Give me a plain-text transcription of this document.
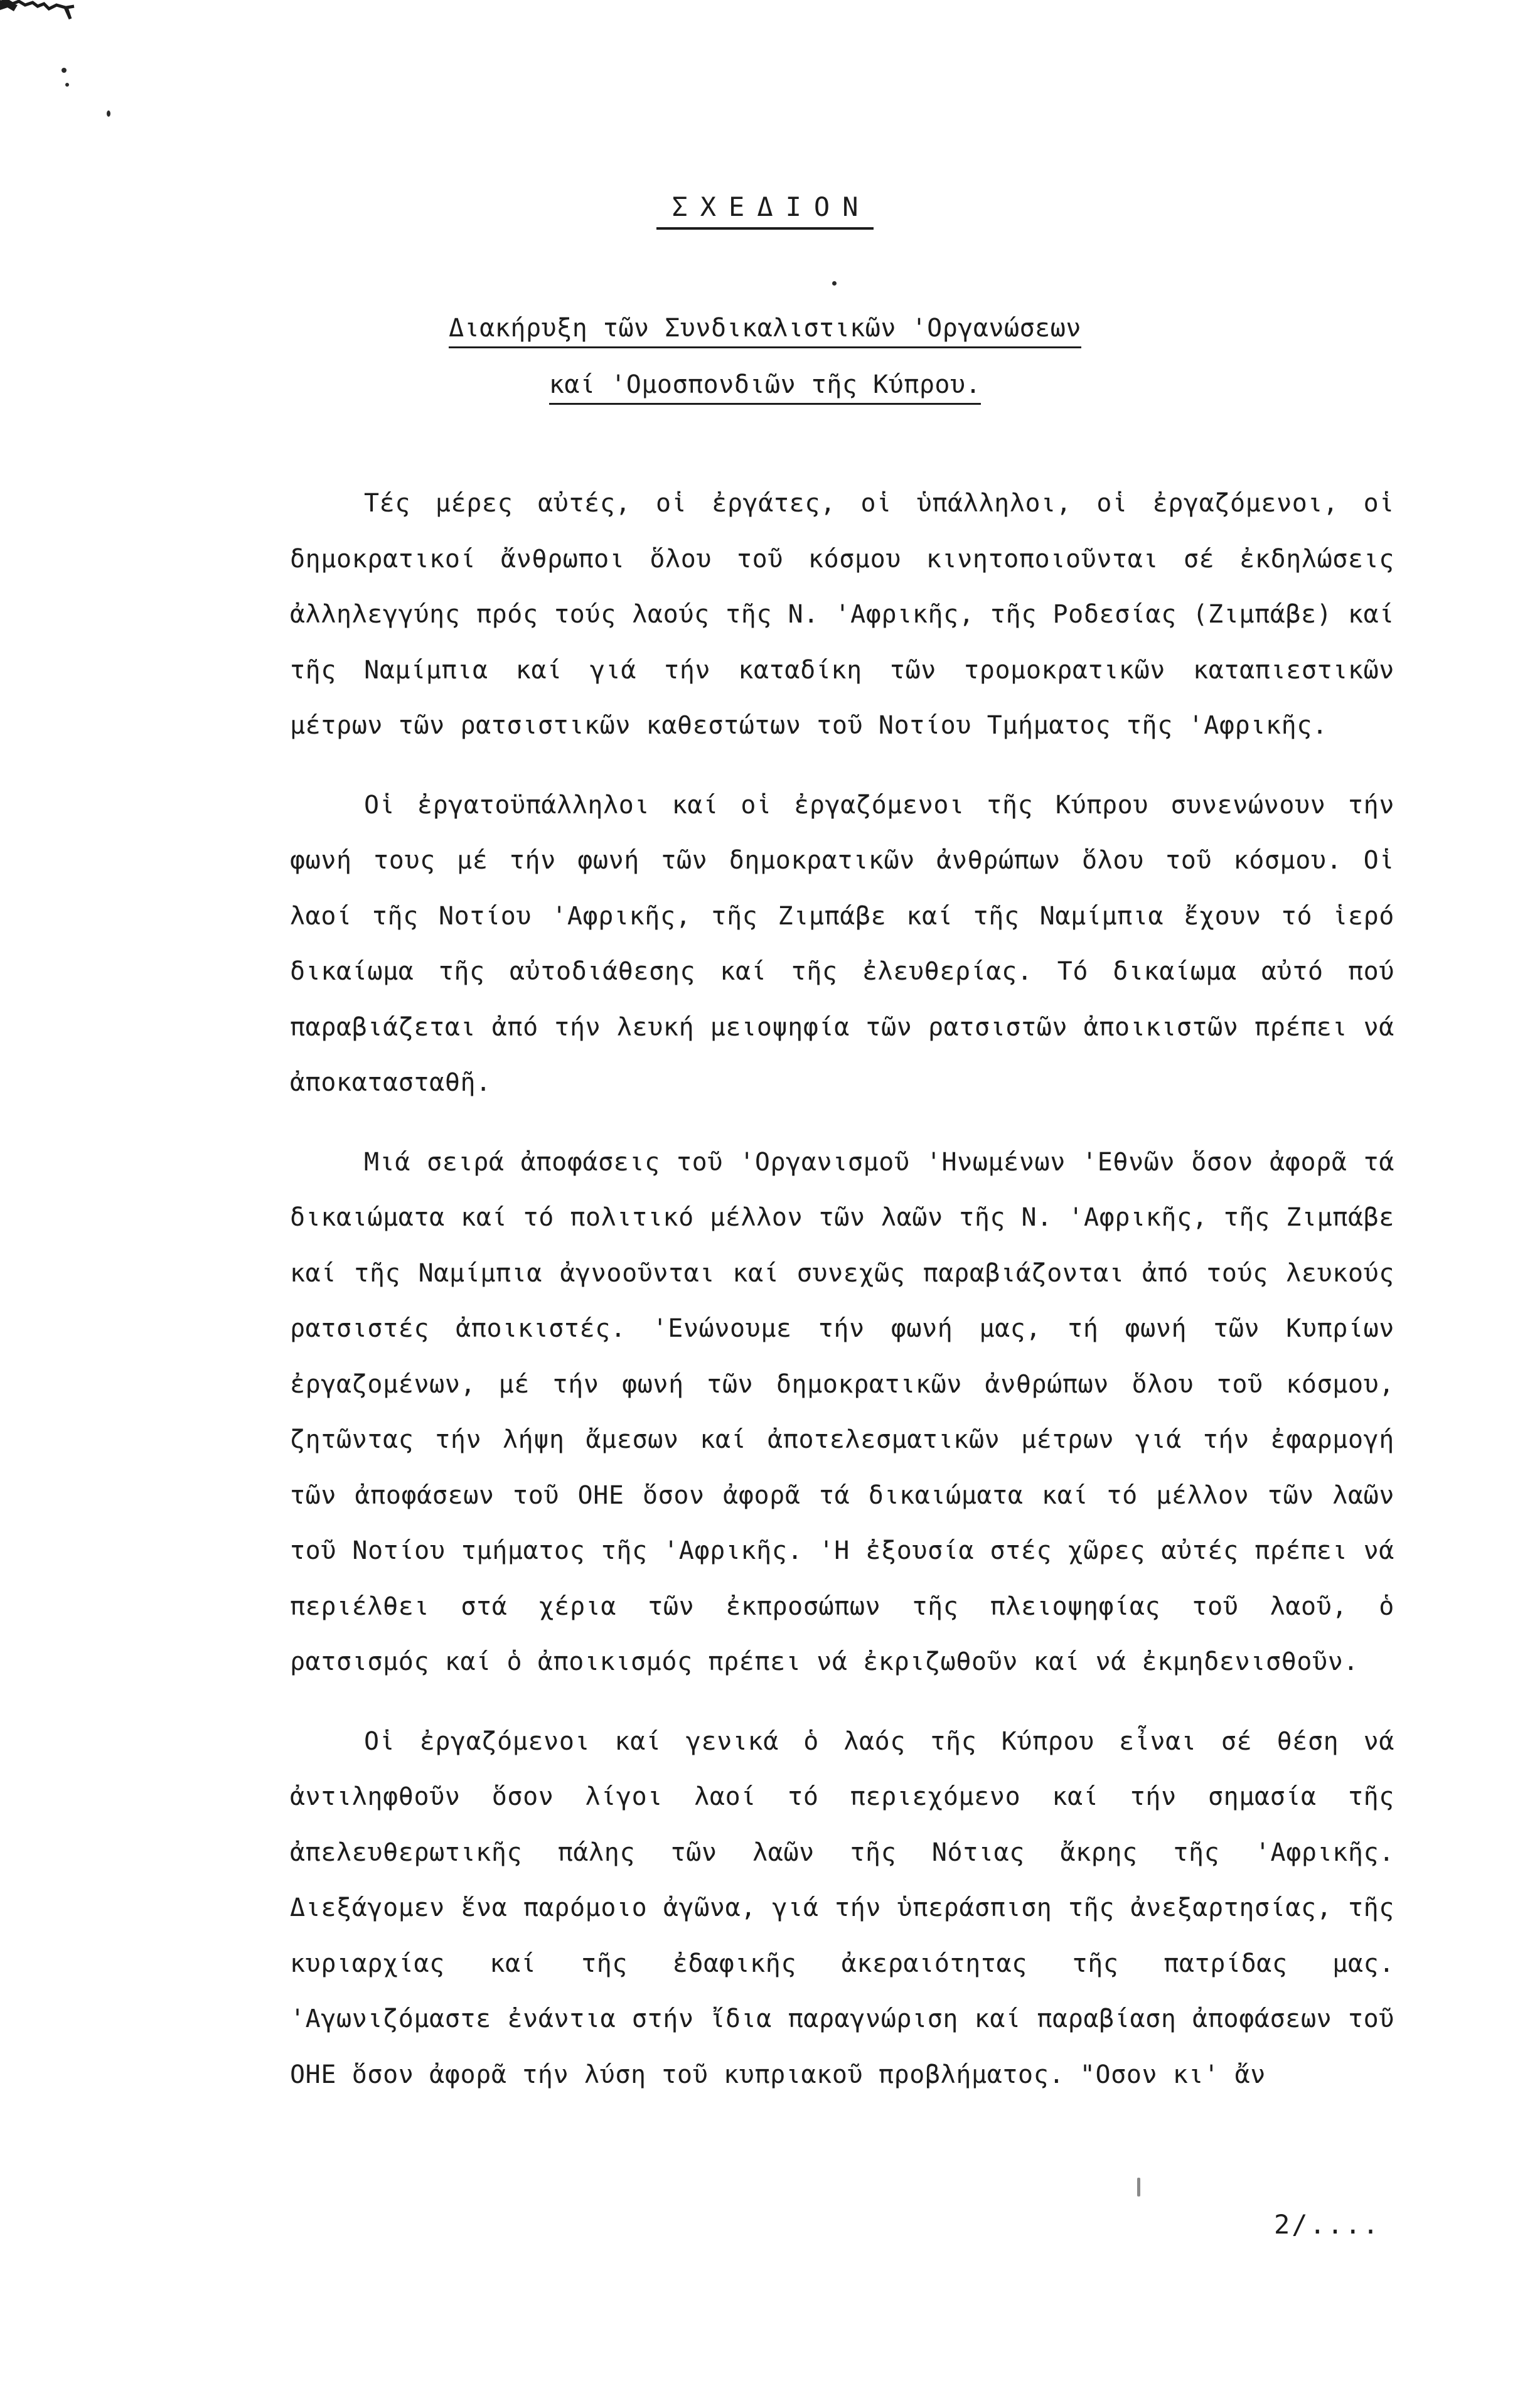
ΣΧΕΔΙΟΝ
Διακήρυξη τῶν Συνδικαλιστικῶν 'Οργανώσεων
καί 'Ομοσπονδιῶν τῆς Κύπρου.

Τές μέρες αὐτές, οἱ ἐργάτες, οἱ ὑπάλληλοι, οἱ ἐργαζόμενοι, οἱ δημοκρατικοί ἄνθρωποι ὅλου τοῦ κόσμου κινητοποιοῦνται σέ ἐκδηλώσεις ἀλληλεγγύης πρός τούς λαούς τῆς Ν. 'Αφρικῆς, τῆς Ροδεσίας (Ζιμπάβε) καί τῆς Ναμίμπια καί γιά τήν καταδίκη τῶν τρομοκρατικῶν καταπιεστικῶν μέτρων τῶν ρατσιστικῶν καθεστώτων τοῦ Νοτίου Τμήματος τῆς 'Αφρικῆς.

Οἱ ἐργατοϋπάλληλοι καί οἱ ἐργαζόμενοι τῆς Κύπρου συνενώνουν τήν φωνή τους μέ τήν φωνή τῶν δημοκρατικῶν ἀνθρώπων ὅλου τοῦ κόσμου. Οἱ λαοί τῆς Νοτίου 'Αφρικῆς, τῆς Ζιμπάβε καί τῆς Ναμίμπια ἔχουν τό ἱερό δικαίωμα τῆς αὐτοδιάθεσης καί τῆς ἐλευθερίας. Τό δικαίωμα αὐτό πού παραβιάζεται ἀπό τήν λευκή μειοψηφία τῶν ρατσιστῶν ἀποικιστῶν πρέπει νά ἀποκατασταθῆ.

Μιά σειρά ἀποφάσεις τοῦ 'Οργανισμοῦ 'Ηνωμένων 'Εθνῶν ὅσον ἀφορᾶ τά δικαιώματα καί τό πολιτικό μέλλον τῶν λαῶν τῆς Ν. 'Αφρικῆς, τῆς Ζιμπάβε καί τῆς Ναμίμπια ἀγνοοῦνται καί συνεχῶς παραβιάζονται ἀπό τούς λευκούς ρατσιστές ἀποικιστές. 'Ενώνουμε τήν φωνή μας, τή φωνή τῶν Κυπρίων ἐργαζομένων, μέ τήν φωνή τῶν δημοκρατικῶν ἀνθρώπων ὅλου τοῦ κόσμου, ζητῶντας τήν λήψη ἄμεσων καί ἀποτελεσματικῶν μέτρων γιά τήν ἐφαρμογή τῶν ἀποφάσεων τοῦ ΟΗΕ ὅσον ἀφορᾶ τά δικαιώματα καί τό μέλλον τῶν λαῶν τοῦ Νοτίου τμήματος τῆς 'Αφρικῆς. 'Η ἐξουσία στές χῶρες αὐτές πρέπει νά περιέλθει στά χέρια τῶν ἐκπροσώπων τῆς πλειοψηφίας τοῦ λαοῦ, ὁ ρατσισμός καί ὁ ἀποικισμός πρέπει νά ἐκριζωθοῦν καί νά ἐκμηδενισθοῦν.

Οἱ ἐργαζόμενοι καί γενικά ὁ λαός τῆς Κύπρου εἶναι σέ θέση νά ἀντιληφθοῦν ὅσον λίγοι λαοί τό περιεχόμενο καί τήν σημασία τῆς ἀπελευθερωτικῆς πάλης τῶν λαῶν τῆς Νότιας ἄκρης τῆς 'Αφρικῆς. Διεξάγομεν ἕνα παρόμοιο ἀγῶνα, γιά τήν ὑπεράσπιση τῆς ἀνεξαρτησίας, τῆς κυριαρχίας καί τῆς ἐδαφικῆς ἀκεραιότητας τῆς πατρίδας μας. 'Αγωνιζόμαστε ἐνάντια στήν ἴδια παραγνώριση καί παραβίαση ἀποφάσεων τοῦ ΟΗΕ ὅσον ἀφορᾶ τήν λύση τοῦ κυπριακοῦ προβλήματος. "Οσον κι' ἄν

2/....
